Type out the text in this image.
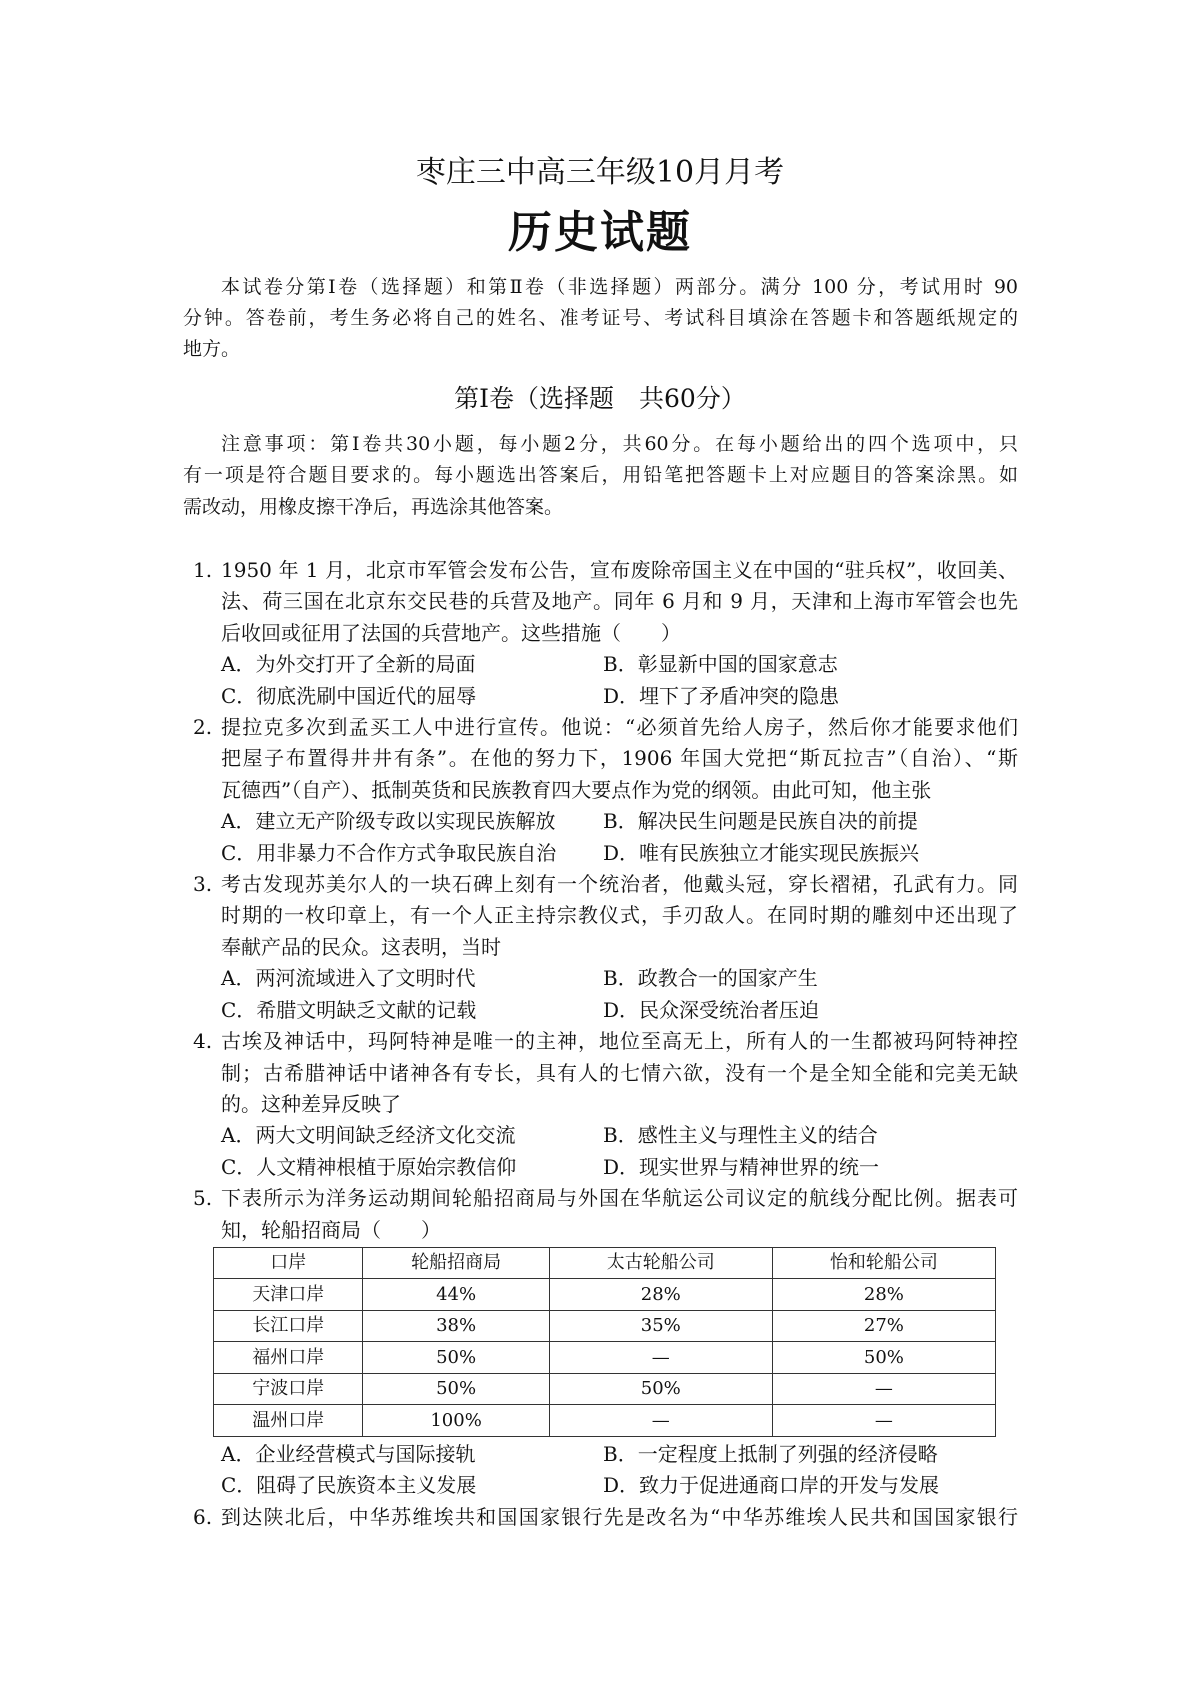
枣庄三中高三年级10月月考
历史试题
本试卷分第Ⅰ卷（选择题）和第Ⅱ卷（非选择题）两部分。满分 100 分，考试用时 90
分钟。答卷前，考生务必将自己的姓名、准考证号、考试科目填涂在答题卡和答题纸规定的
地方。
第Ⅰ卷（选择题　共60分）
注意事项：第Ⅰ卷共30小题，每小题2分，共60分。在每小题给出的四个选项中，只
有一项是符合题目要求的。每小题选出答案后，用铅笔把答题卡上对应题目的答案涂黑。如
需改动，用橡皮擦干净后，再选涂其他答案。
1. 1950 年 1 月，北京市军管会发布公告，宣布废除帝国主义在中国的“驻兵权”，收回美、
法、荷三国在北京东交民巷的兵营及地产。同年 6 月和 9 月，天津和上海市军管会也先
后收回或征用了法国的兵营地产。这些措施（　　）
A．为外交打开了全新的局面	B．彰显新中国的国家意志
C．彻底洗刷中国近代的屈辱	D．埋下了矛盾冲突的隐患
2. 提拉克多次到孟买工人中进行宣传。他说：“必须首先给人房子，然后你才能要求他们
把屋子布置得井井有条”。在他的努力下，1906 年国大党把“斯瓦拉吉”（自治）、“斯
瓦德西”（自产）、抵制英货和民族教育四大要点作为党的纲领。由此可知，他主张
A．建立无产阶级专政以实现民族解放	B．解决民生问题是民族自决的前提
C．用非暴力不合作方式争取民族自治	D．唯有民族独立才能实现民族振兴
3. 考古发现苏美尔人的一块石碑上刻有一个统治者，他戴头冠，穿长褶裙，孔武有力。同
时期的一枚印章上，有一个人正主持宗教仪式，手刃敌人。在同时期的雕刻中还出现了
奉献产品的民众。这表明，当时
A．两河流域进入了文明时代	B．政教合一的国家产生
C．希腊文明缺乏文献的记载	D．民众深受统治者压迫
4. 古埃及神话中，玛阿特神是唯一的主神，地位至高无上，所有人的一生都被玛阿特神控
制；古希腊神话中诸神各有专长，具有人的七情六欲，没有一个是全知全能和完美无缺
的。这种差异反映了
A．两大文明间缺乏经济文化交流	B．感性主义与理性主义的结合
C．人文精神根植于原始宗教信仰	D．现实世界与精神世界的统一
5. 下表所示为洋务运动期间轮船招商局与外国在华航运公司议定的航线分配比例。据表可
知，轮船招商局（　　）
口岸	轮船招商局	太古轮船公司	怡和轮船公司
天津口岸	44%	28%	28%
长江口岸	38%	35%	27%
福州口岸	50%	—	50%
宁波口岸	50%	50%	—
温州口岸	100%	—	—
A．企业经营模式与国际接轨	B．一定程度上抵制了列强的经济侵略
C．阻碍了民族资本主义发展	D．致力于促进通商口岸的开发与发展
6. 到达陕北后，中华苏维埃共和国国家银行先是改名为“中华苏维埃人民共和国国家银行
